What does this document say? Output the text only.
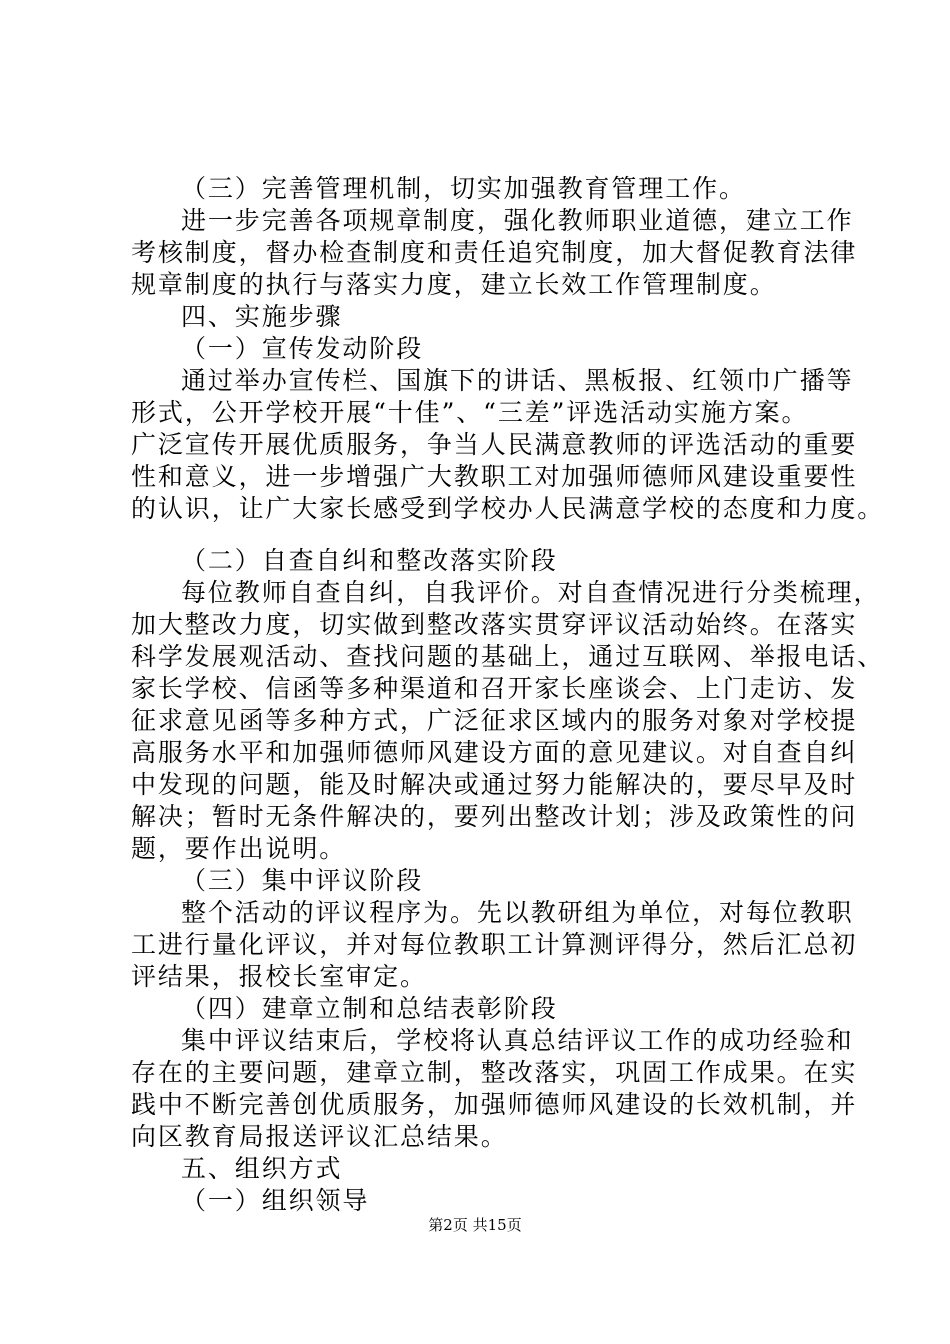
（三）完善管理机制，切实加强教育管理工作。
进一步完善各项规章制度，强化教师职业道德，建立工作
考核制度，督办检查制度和责任追究制度，加大督促教育法律
规章制度的执行与落实力度，建立长效工作管理制度。
四、实施步骤
（一）宣传发动阶段
通过举办宣传栏、国旗下的讲话、黑板报、红领巾广播等
形式，公开学校开展“十佳”、“三差”评选活动实施方案。
广泛宣传开展优质服务，争当人民满意教师的评选活动的重要
性和意义，进一步增强广大教职工对加强师德师风建设重要性
的认识，让广大家长感受到学校办人民满意学校的态度和力度。
（二）自查自纠和整改落实阶段
每位教师自查自纠，自我评价。对自查情况进行分类梳理，
加大整改力度，切实做到整改落实贯穿评议活动始终。在落实
科学发展观活动、查找问题的基础上，通过互联网、举报电话、
家长学校、信函等多种渠道和召开家长座谈会、上门走访、发
征求意见函等多种方式，广泛征求区域内的服务对象对学校提
高服务水平和加强师德师风建设方面的意见建议。对自查自纠
中发现的问题，能及时解决或通过努力能解决的，要尽早及时
解决；暂时无条件解决的，要列出整改计划；涉及政策性的问
题，要作出说明。
（三）集中评议阶段
整个活动的评议程序为。先以教研组为单位，对每位教职
工进行量化评议，并对每位教职工计算测评得分，然后汇总初
评结果，报校长室审定。
（四）建章立制和总结表彰阶段
集中评议结束后，学校将认真总结评议工作的成功经验和
存在的主要问题，建章立制，整改落实，巩固工作成果。在实
践中不断完善创优质服务，加强师德师风建设的长效机制，并
向区教育局报送评议汇总结果。
五、组织方式
（一）组织领导
第2页 共15页
